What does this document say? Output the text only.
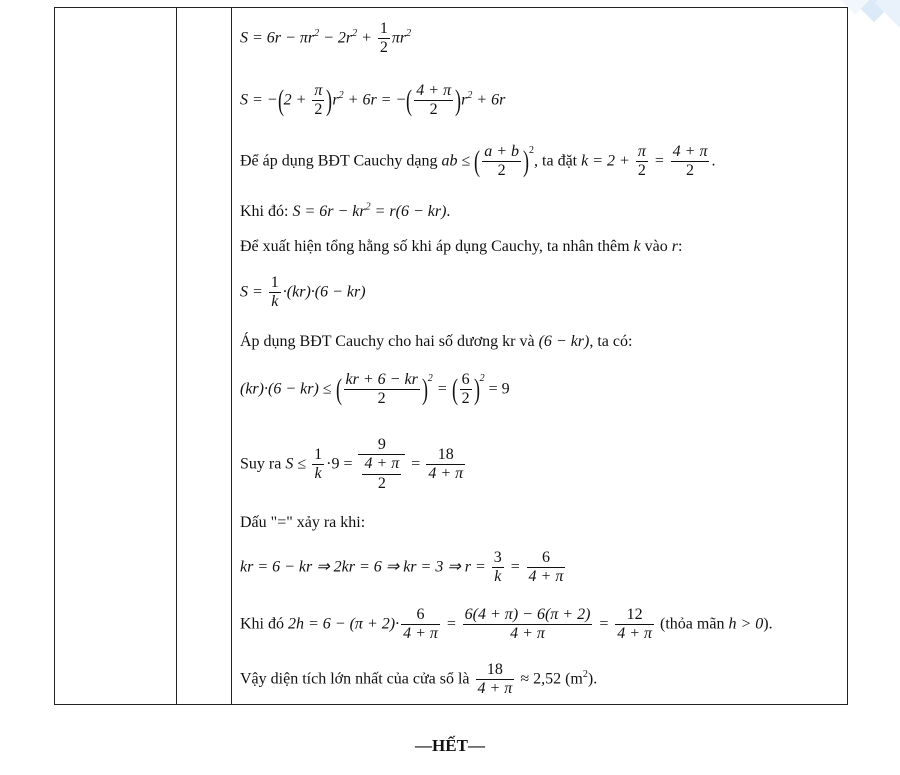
$S = 6r - \pi r^2 - 2r^2 + \frac{1}{2} \pi r^2$
$S = -(2 + \frac{\pi}{2} )r^2 + 6r$ = −( $\frac{4 + \pi}{2} )r^2 + 6r$
Để áp dụng BĐT Cauchy dạng ab ≤ ( $\frac{a + b}{2} )^2$, ta đặt $k = 2 + \frac{\pi}{2} = \frac{4 + \pi}{2}$ .
Khi đó: $S = 6r - kr^2 = r(6 - kr)$.
Để xuất hiện tổng hằng số khi áp dụng Cauchy, ta nhân thêm k vào r:
$S = \frac{1}{k} \cdot(kr)\cdot(6 - kr)$
Áp dụng BĐT Cauchy cho hai số dương kr và (6 − kr), ta có:
(kr)·(6 − kr) ≤ ( $\frac{kr + 6 - kr}{2} )^2$ = ( $\frac{6}{2} )^2 = 9$
Suy ra $S \le \frac{1}{k} \cdot 9 = \frac{9}{\frac{4 + \pi}{2}} = \frac{18}{4 + \pi}$
Dấu "=" xảy ra khi:
kr = 6 − kr ⇒ 2kr = 6 ⇒ kr = 3 ⇒ $r = \frac{3}{k} = \frac{6}{4 + \pi}$
Khi đó $2h = 6 - (\pi + 2)\cdot \frac{6}{4 + \pi} = \frac{6(4 + \pi) - 6(\pi + 2)}{4 + \pi} = \frac{12}{4 + \pi}$ (thỏa mãn h > 0).
Vậy diện tích lớn nhất của cửa sổ là $\frac{18}{4 + \pi} \approx 2,52$ $(m^2)$.
—HẾT—
